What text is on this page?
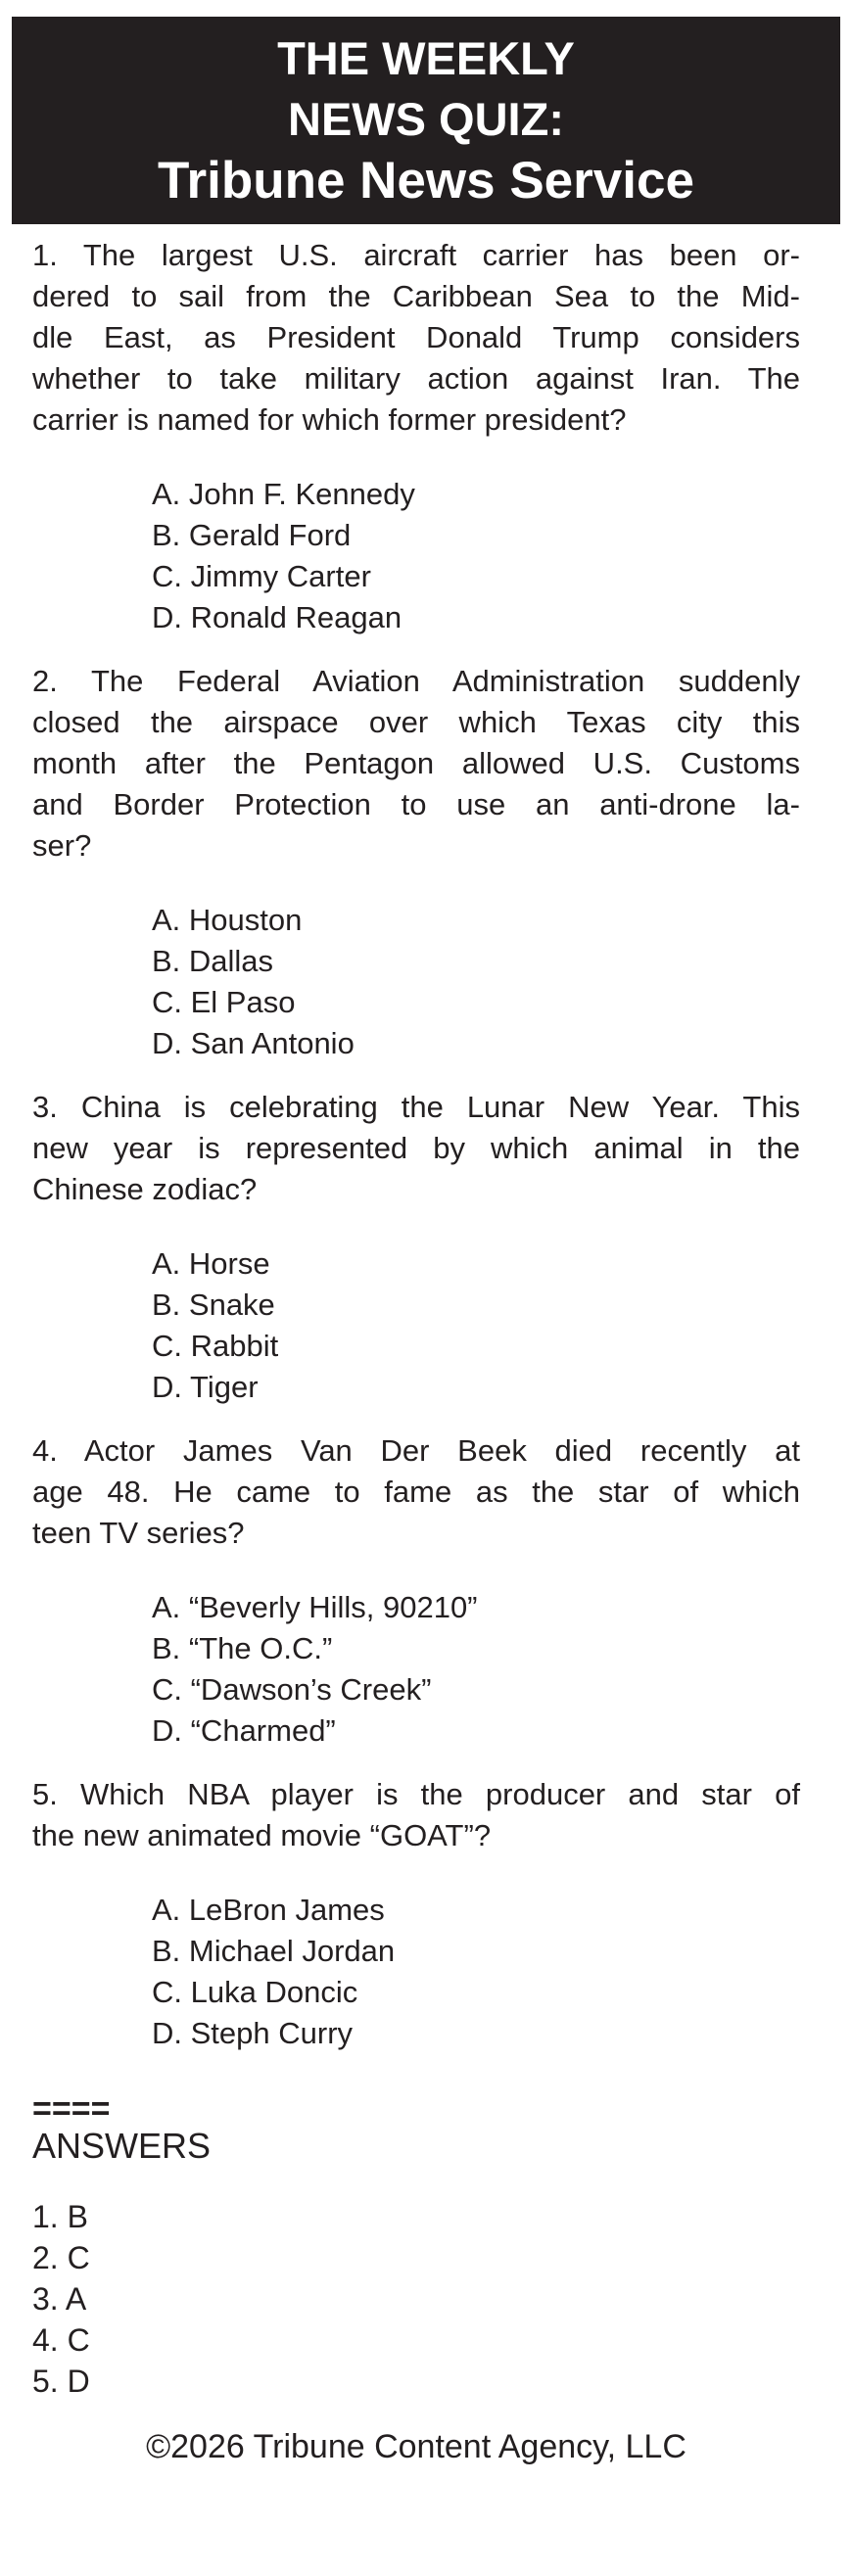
THE WEEKLY
NEWS QUIZ:
Tribune News Service
1. The largest U.S. aircraft carrier has been or-
dered to sail from the Caribbean Sea to the Mid-
dle East, as President Donald Trump considers
whether to take military action against Iran. The
carrier is named for which former president?
A. John F. Kennedy
B. Gerald Ford
C. Jimmy Carter
D. Ronald Reagan
2. The Federal Aviation Administration suddenly
closed the airspace over which Texas city this
month after the Pentagon allowed U.S. Customs
and Border Protection to use an anti-drone la-
ser?
A. Houston
B. Dallas
C. El Paso
D. San Antonio
3. China is celebrating the Lunar New Year. This
new year is represented by which animal in the
Chinese zodiac?
A. Horse
B. Snake
C. Rabbit
D. Tiger
4. Actor James Van Der Beek died recently at
age 48. He came to fame as the star of which
teen TV series?
A. “Beverly Hills, 90210”
B. “The O.C.”
C. “Dawson’s Creek”
D. “Charmed”
5. Which NBA player is the producer and star of
the new animated movie “GOAT”?
A. LeBron James
B. Michael Jordan
C. Luka Doncic
D. Steph Curry
====
ANSWERS
1. B
2. C
3. A
4. C
5. D
©2026 Tribune Content Agency, LLC
